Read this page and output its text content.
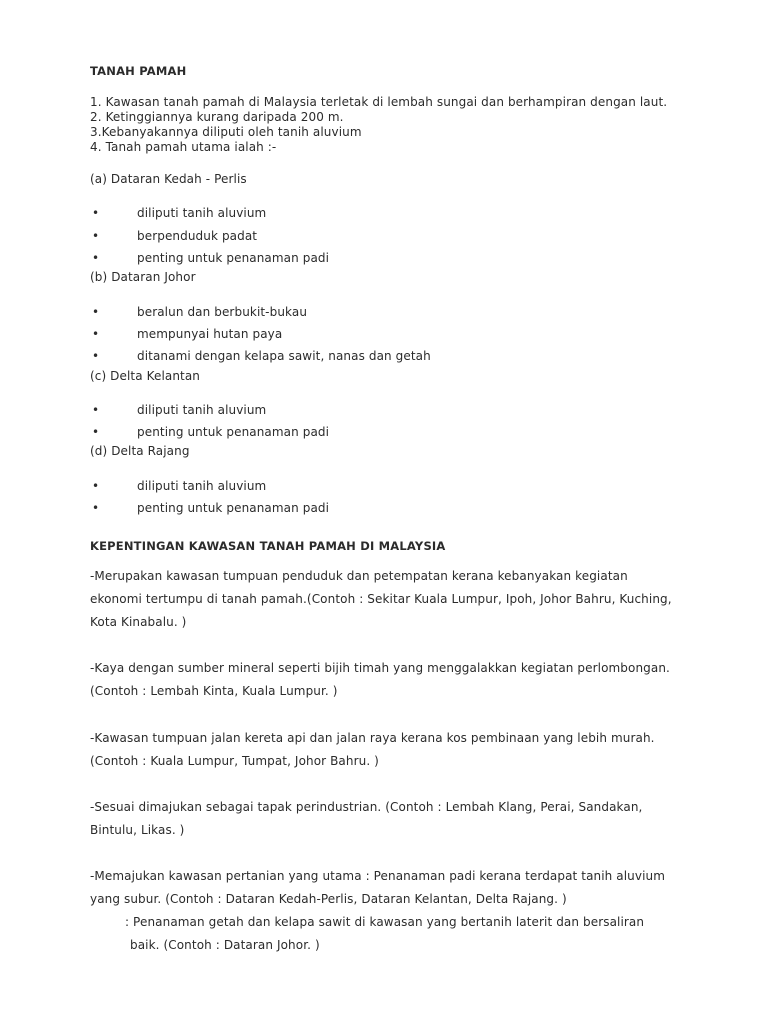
TANAH PAMAH
1. Kawasan tanah pamah di Malaysia terletak di lembah sungai dan berhampiran dengan laut.
2. Ketinggiannya kurang daripada 200 m.
3.Kebanyakannya diliputi oleh tanih aluvium
4. Tanah pamah utama ialah :-
(a) Dataran Kedah - Perlis
•	diliputi tanih aluvium
•	berpenduduk padat
•	penting untuk penanaman padi
(b) Dataran Johor
•	beralun dan berbukit-bukau
•	mempunyai hutan paya
•	ditanami dengan kelapa sawit, nanas dan getah
(c) Delta Kelantan
•	diliputi tanih aluvium
•	penting untuk penanaman padi
(d) Delta Rajang
•	diliputi tanih aluvium
•	penting untuk penanaman padi
KEPENTINGAN KAWASAN TANAH PAMAH DI MALAYSIA
-Merupakan kawasan tumpuan penduduk dan petempatan kerana kebanyakan kegiatan
ekonomi tertumpu di tanah pamah.(Contoh : Sekitar Kuala Lumpur, Ipoh, Johor Bahru, Kuching,
Kota Kinabalu. )
-Kaya dengan sumber mineral seperti bijih timah yang menggalakkan kegiatan perlombongan.
(Contoh : Lembah Kinta, Kuala Lumpur. )
-Kawasan tumpuan jalan kereta api dan jalan raya kerana kos pembinaan yang lebih murah.
(Contoh : Kuala Lumpur, Tumpat, Johor Bahru. )
-Sesuai dimajukan sebagai tapak perindustrian. (Contoh : Lembah Klang, Perai, Sandakan,
Bintulu, Likas. )
-Memajukan kawasan pertanian yang utama : Penanaman padi kerana terdapat tanih aluvium
yang subur. (Contoh : Dataran Kedah-Perlis, Dataran Kelantan, Delta Rajang. )
: Penanaman getah dan kelapa sawit di kawasan yang bertanih laterit dan bersaliran
baik. (Contoh : Dataran Johor. )
